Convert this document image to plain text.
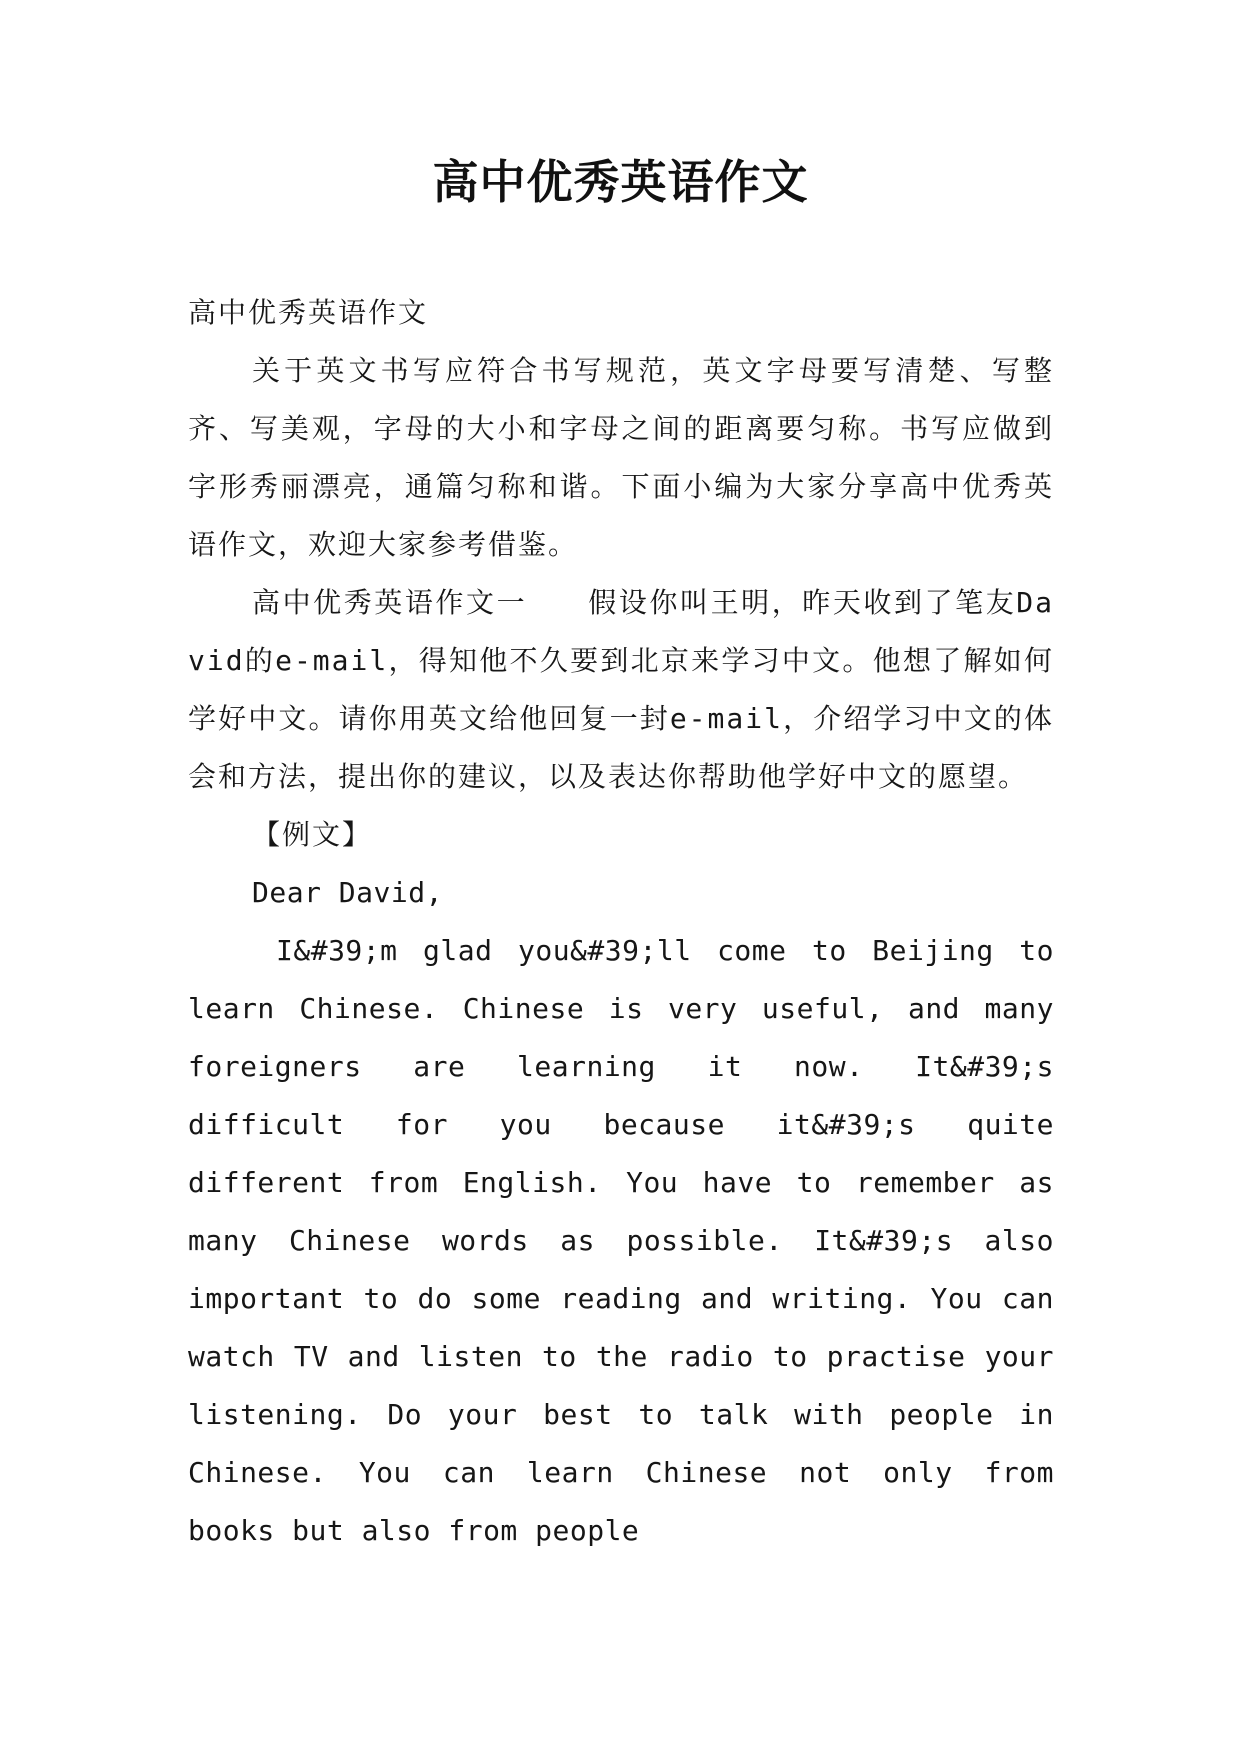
高中优秀英语作文

高中优秀英语作文

关于英文书写应符合书写规范，英文字母要写清楚、写整齐、写美观，字母的大小和字母之间的距离要匀称。书写应做到字形秀丽漂亮，通篇匀称和谐。下面小编为大家分享高中优秀英语作文，欢迎大家参考借鉴。

高中优秀英语作文一　　假设你叫王明，昨天收到了笔友David的e-mail，得知他不久要到北京来学习中文。他想了解如何学好中文。请你用英文给他回复一封e-mail，介绍学习中文的体会和方法，提出你的建议，以及表达你帮助他学好中文的愿望。

【例文】

Dear David,

I&#39;m glad you&#39;ll come to Beijing to learn Chinese. Chinese is very useful, and many foreigners are learning it now. It&#39;s difficult for you because it&#39;s quite different from English. You have to remember as many Chinese words as possible. It&#39;s also important to do some reading and writing. You can watch TV and listen to the radio to practise your listening. Do your best to talk with people in Chinese. You can learn Chinese not only from books but also from people
